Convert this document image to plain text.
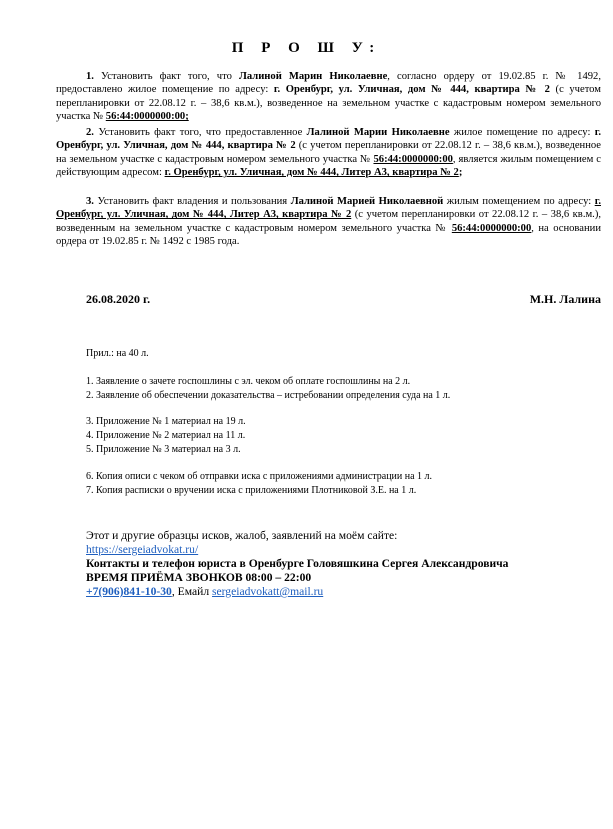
П Р О Ш У:
1. Установить факт того, что Лалиной Марин Николаевне, согласно ордеру от 19.02.85 г. № 1492, предоставлено жилое помещение по адресу: г. Оренбург, ул. Уличная, дом № 444, квартира № 2 (с учетом перепланировки от 22.08.12 г. – 38,6 кв.м.), возведенное на земельном участке с кадастровым номером земельного участка № 56:44:0000000:00;
2. Установить факт того, что предоставленное Лалиной Марии Николаевне жилое помещение по адресу: г. Оренбург, ул. Уличная, дом № 444, квартира № 2 (с учетом перепланировки от 22.08.12 г. – 38,6 кв.м.), возведенное на земельном участке с кадастровым номером земельного участка № 56:44:0000000:00, является жилым помещением с действующим адресом: г. Оренбург, ул. Уличная, дом № 444, Литер А3, квартира № 2;
3. Установить факт владения и пользования Лалиной Марией Николаевной жилым помещением по адресу: г. Оренбург, ул. Уличная, дом № 444, Литер А3, квартира № 2 (с учетом перепланировки от 22.08.12 г. – 38,6 кв.м.), возведенным на земельном участке с кадастровым номером земельного участка № 56:44:0000000:00, на основании ордера от 19.02.85 г. № 1492 с 1985 года.
26.08.2020 г.	М.Н. Лалина
Прил.: на 40 л.
1. Заявление о зачете госпошлины с эл. чеком об оплате госпошлины на 2 л.
2. Заявление об обеспечении доказательства – истребовании определения суда на 1 л.
3. Приложение № 1 материал на 19 л.
4. Приложение № 2 материал на 11 л.
5. Приложение № 3 материал на 3 л.
6. Копия описи с чеком об отправки иска с приложениями администрации на 1 л.
7. Копия расписки о вручении иска с приложениями Плотниковой З.Е. на 1 л.
Этот и другие образцы исков, жалоб, заявлений на моём сайте:
https://sergeiadvokat.ru/
Контакты и телефон юриста в Оренбурге Головяшкина Сергея Александровича
ВРЕМЯ ПРИЁМА ЗВОНКОВ 08:00 – 22:00
+7(906)841-10-30, Емайл sergeiadvokatt@mail.ru
